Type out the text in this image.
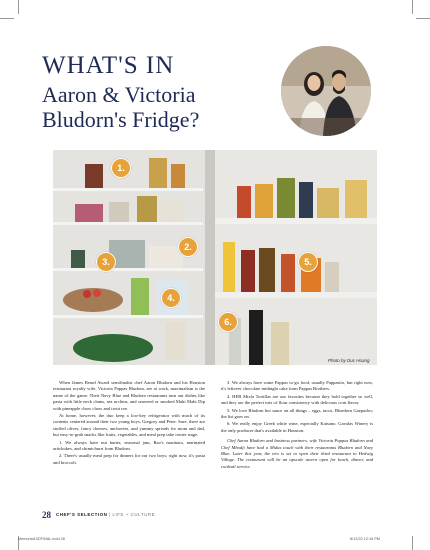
WHAT'S IN
Aaron & Victoria
Bludorn's Fridge?
1.
2.
3.
4.
5.
6.
Photo by Duc Hoang

When James Beard Award semifinalist chef Aaron Bludorn and his Houston restaurant royalty wife, Victoria Pappas Bludorn, are at work, maximalism is the name of the game. Their Navy Blue and Bludorn restaurants turn out dishes like pasta with little neck clams, sea urchins, and seaweed or smoked Mahi Mahi Dip with pineapple chow chow and trout roe.

At home, however, the duo keep a low-key refrigerator with much of its contents centered around their two young boys, Gregory and Peter. Sure, there are stuffed olives, fancy cheeses, anchovies, and yummy spreads for mom and dad, but easy-to-grab snacks like fruits, vegetables, and meal prep take center stage.

1. We always have nut butter, seasonal jam, Rao's marinara, marinated artichokes, and chimichurri from Bludorn.

2. There's usually meal prep for dinners for our two boys; right now, it's pasta and broccoli.

3. We always have some Pappas to-go food, usually Pappasito, but right now, it's leftover chocolate midnight cake from Pappas Brothers.

4. HEB Mixla Tortillas are our favorites because they hold together so well, and they are the perfect mix of flour consistency with delicious corn flavor.

5. We love Bludorn hot sauce on all things – eggs, tacos, Bluedorn Gazpacho; the list goes on.

6. We really enjoy Greek white wine, especially Katsano. Gavalas Winery is the only producer that's available in Houston.

Chef Aaron Bludorn and business partners, wife Victoria Pappas Bludorn and Chef Mhodji have had a Midas touch with their restaurants Bludorn and Navy Blue. Later this year, the trio is set to open their third restaurant in Hedwig Village. The restaurant will be an upscale tavern open for lunch, dinner, and cocktail service.

28 CHEF'S SELECTION | LIFE + CULTURE
Memorial10DFINAL.indd 28	8/12/22 12:16 PM
